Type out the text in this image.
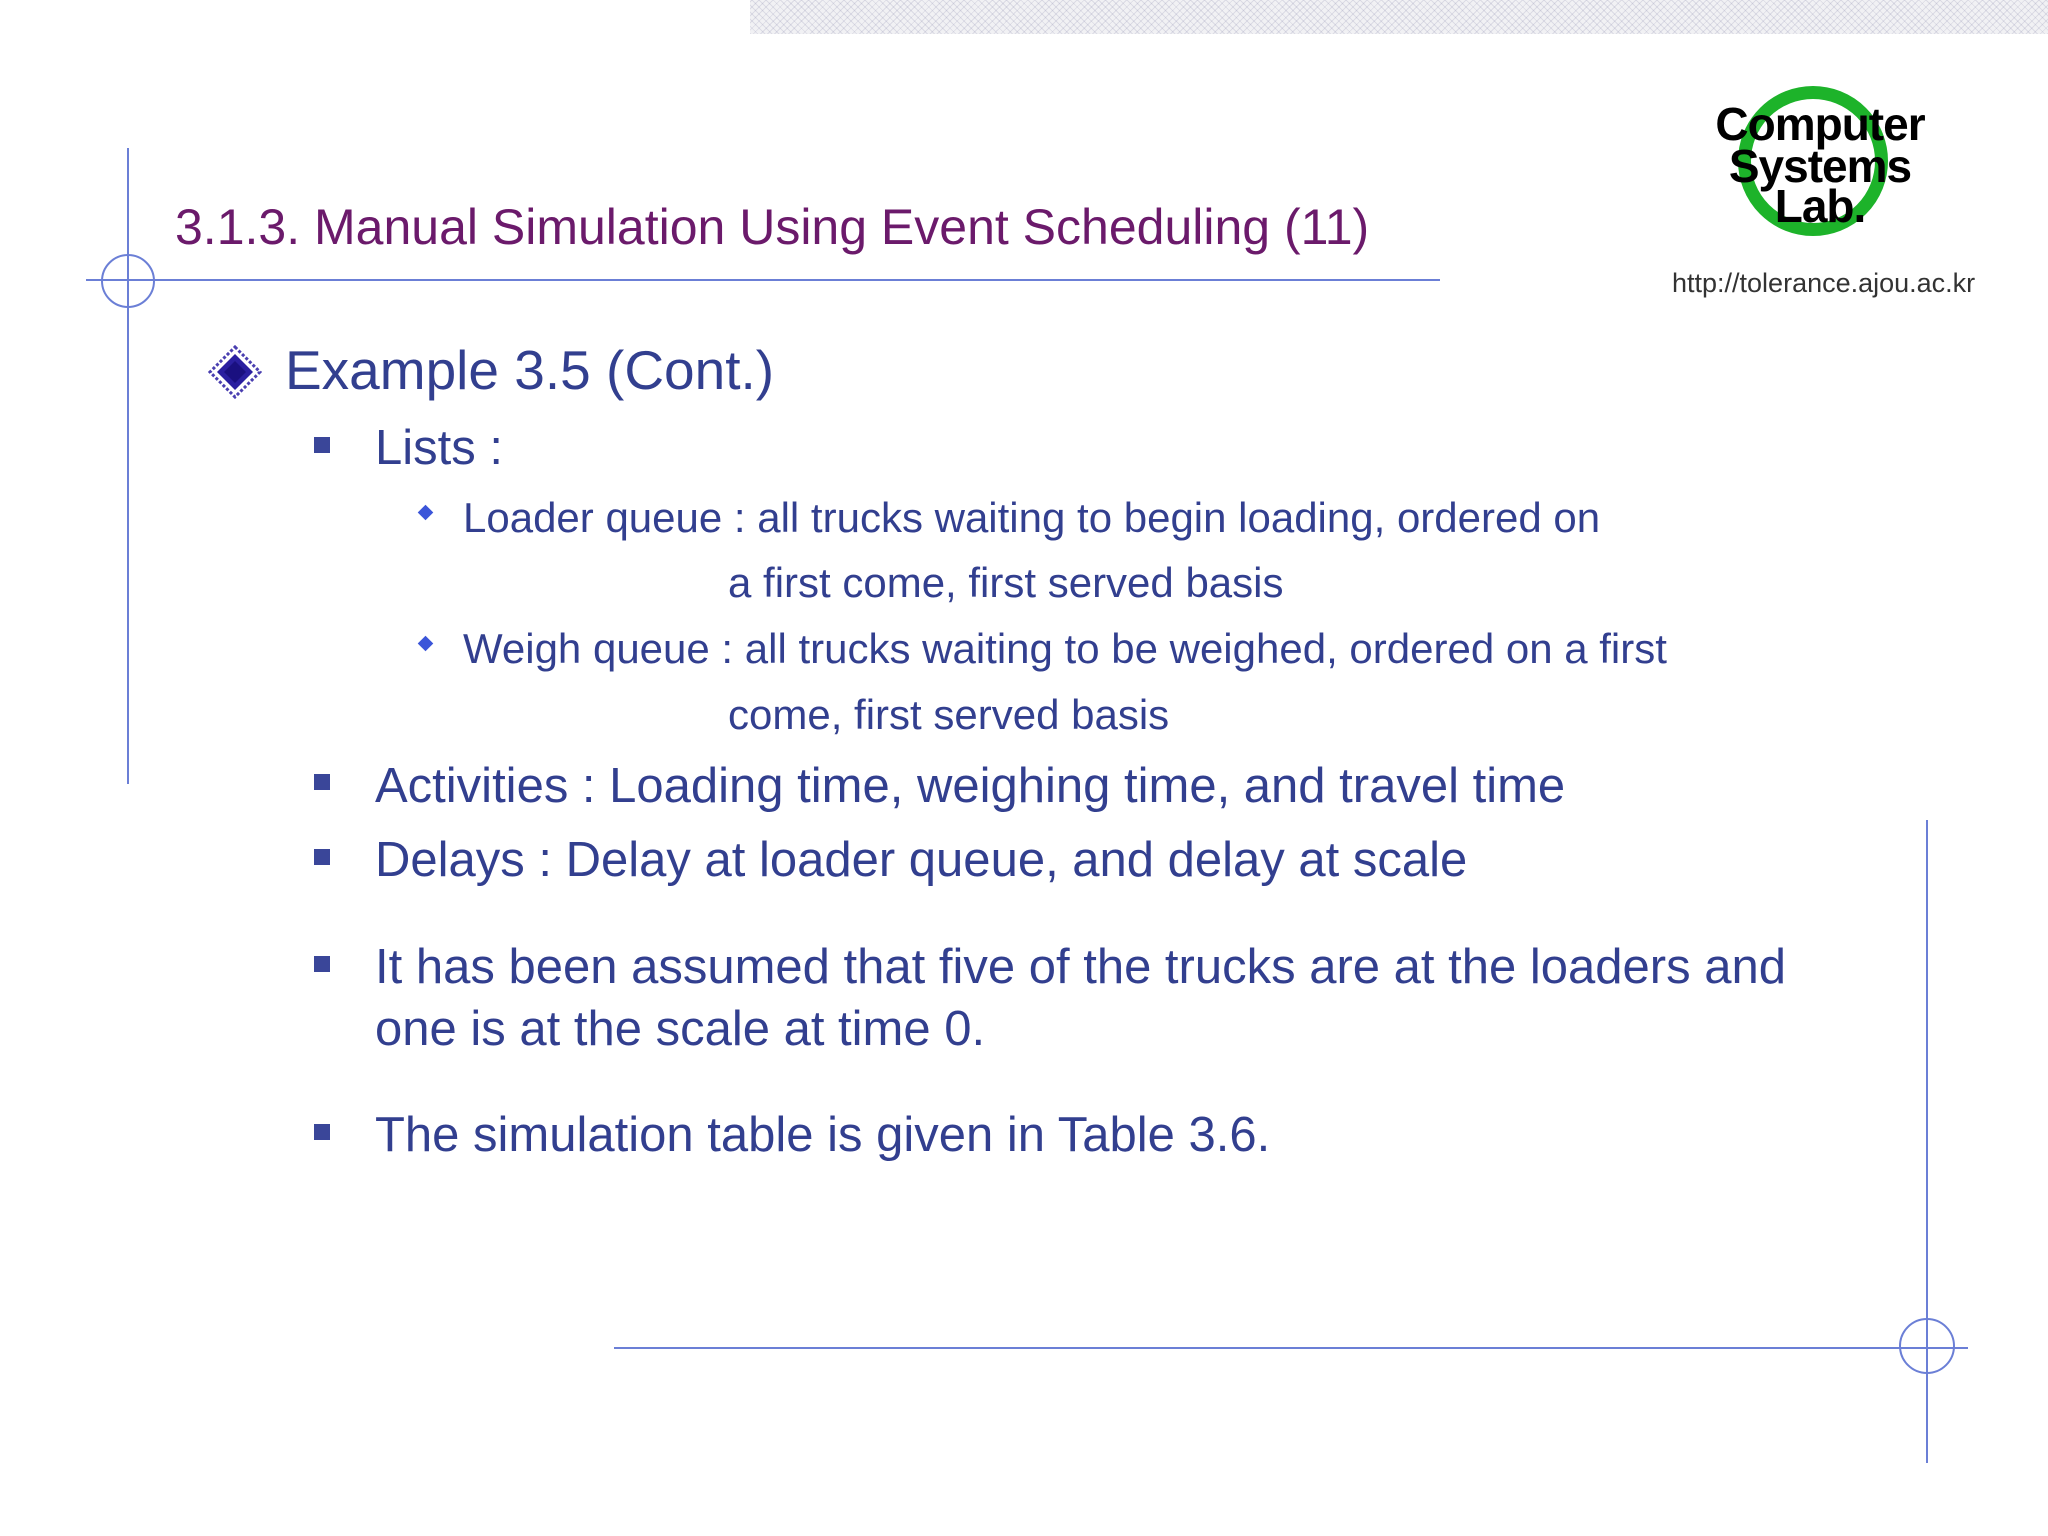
3.1.3. Manual Simulation Using Event Scheduling (11)
Computer
Systems
Lab.
http://tolerance.ajou.ac.kr
Example 3.5 (Cont.)
Lists :
Loader queue : all trucks waiting to begin loading, ordered on
a first come, first served basis
Weigh queue : all trucks waiting to be weighed, ordered on a first
come, first served basis
Activities : Loading time, weighing time, and travel time
Delays : Delay at loader queue, and delay at scale
It has been assumed that five of the trucks are at the loaders and one is at the scale at time 0.
The simulation table is given in Table 3.6.
